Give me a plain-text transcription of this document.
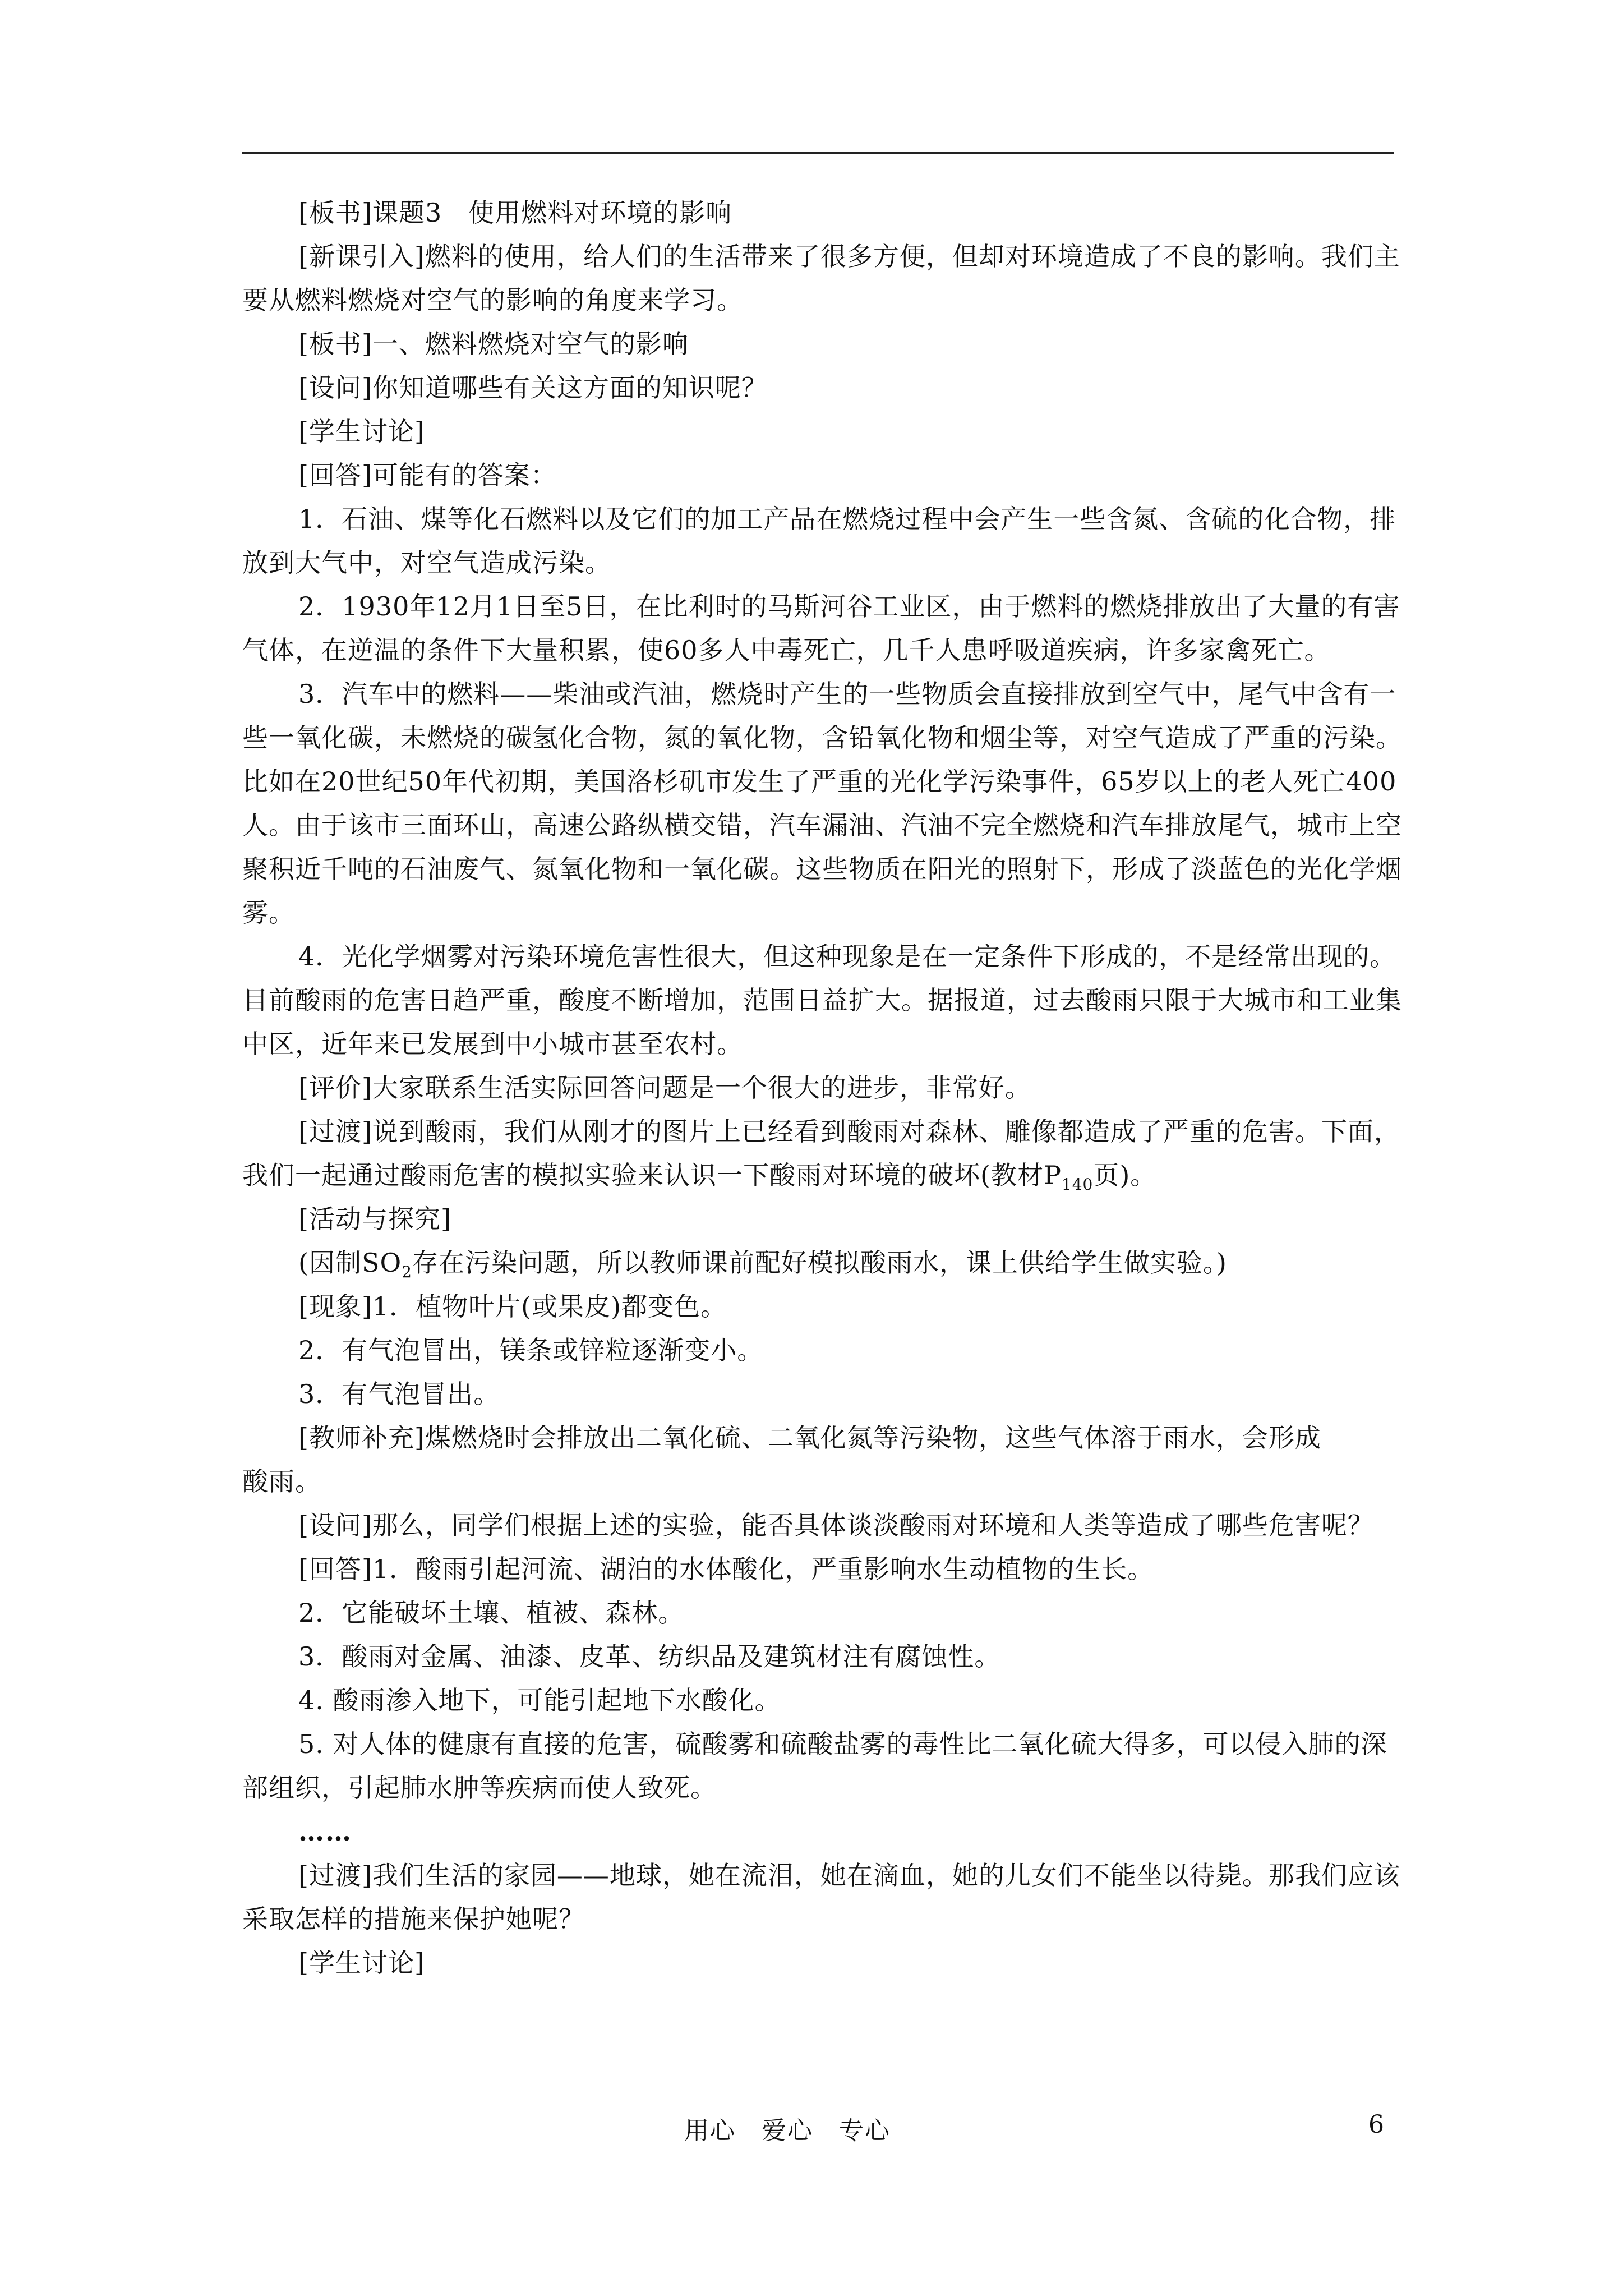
[板书]课题3　使用燃料对环境的影响

[新课引入]燃料的使用，给人们的生活带来了很多方便，但却对环境造成了不良的影响。我们主要从燃料燃烧对空气的影响的角度来学习。

[板书]一、燃料燃烧对空气的影响

[设问]你知道哪些有关这方面的知识呢？

[学生讨论]

[回答]可能有的答案：

1．石油、煤等化石燃料以及它们的加工产品在燃烧过程中会产生一些含氮、含硫的化合物，排放到大气中，对空气造成污染。

2．1930年12月1日至5日，在比利时的马斯河谷工业区，由于燃料的燃烧排放出了大量的有害气体，在逆温的条件下大量积累，使60多人中毒死亡，几千人患呼吸道疾病，许多家禽死亡。

3．汽车中的燃料——柴油或汽油，燃烧时产生的一些物质会直接排放到空气中，尾气中含有一些一氧化碳，未燃烧的碳氢化合物，氮的氧化物，含铅氧化物和烟尘等，对空气造成了严重的污染。比如在20世纪50年代初期，美国洛杉矶市发生了严重的光化学污染事件，65岁以上的老人死亡400人。由于该市三面环山，高速公路纵横交错，汽车漏油、汽油不完全燃烧和汽车排放尾气，城市上空聚积近千吨的石油废气、氮氧化物和一氧化碳。这些物质在阳光的照射下，形成了淡蓝色的光化学烟雾。

4．光化学烟雾对污染环境危害性很大，但这种现象是在一定条件下形成的，不是经常出现的。目前酸雨的危害日趋严重，酸度不断增加，范围日益扩大。据报道，过去酸雨只限于大城市和工业集中区，近年来已发展到中小城市甚至农村。

[评价]大家联系生活实际回答问题是一个很大的进步，非常好。

[过渡]说到酸雨，我们从刚才的图片上已经看到酸雨对森林、雕像都造成了严重的危害。下面，我们一起通过酸雨危害的模拟实验来认识一下酸雨对环境的破坏(教材$P_{140}$页)。

[活动与探究]

(因制$SO_2$存在污染问题，所以教师课前配好模拟酸雨水，课上供给学生做实验。)

[现象]1．植物叶片(或果皮)都变色。

2．有气泡冒出，镁条或锌粒逐渐变小。

3．有气泡冒出。

[教师补充]煤燃烧时会排放出二氧化硫、二氧化氮等污染物，这些气体溶于雨水，会形成

酸雨。

[设问]那么，同学们根据上述的实验，能否具体谈淡酸雨对环境和人类等造成了哪些危害呢？

[回答]1．酸雨引起河流、湖泊的水体酸化，严重影响水生动植物的生长。

2．它能破坏土壤、植被、森林。

3．酸雨对金属、油漆、皮革、纺织品及建筑材注有腐蚀性。

4. 酸雨渗入地下，可能引起地下水酸化。

5. 对人体的健康有直接的危害，硫酸雾和硫酸盐雾的毒性比二氧化硫大得多，可以侵入肺的深部组织，引起肺水肿等疾病而使人致死。

……

[过渡]我们生活的家园——地球，她在流泪，她在滴血，她的儿女们不能坐以待毙。那我们应该采取怎样的措施来保护她呢？

[学生讨论]

用心　爱心　专心	6
